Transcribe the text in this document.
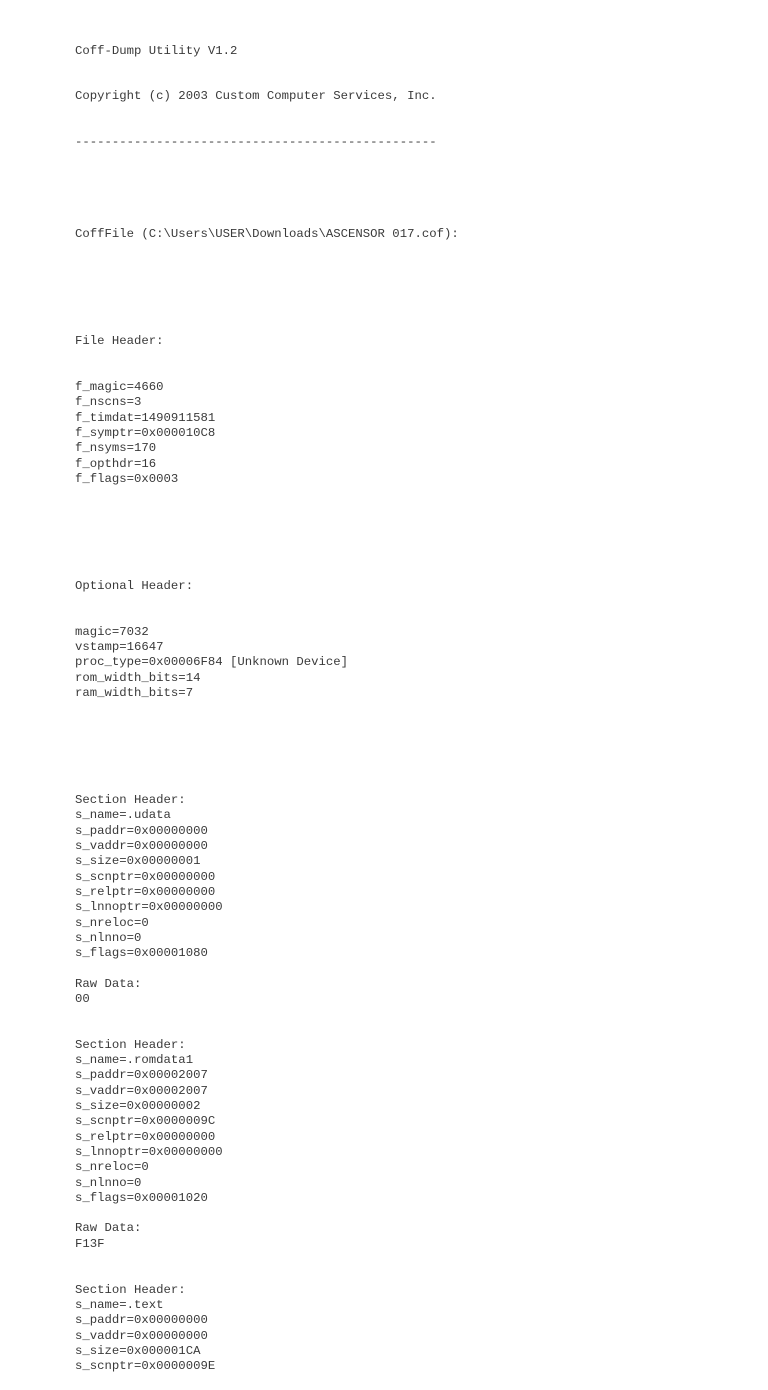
Coff-Dump Utility V1.2

Copyright (c) 2003 Custom Computer Services, Inc.

-------------------------------------------------

CoffFile (C:\Users\USER\Downloads\ASCENSOR 017.cof):

File Header:

f_magic=4660
f_nscns=3
f_timdat=1490911581
f_symptr=0x000010C8
f_nsyms=170
f_opthdr=16
f_flags=0x0003

Optional Header:

magic=7032
vstamp=16647
proc_type=0x00006F84 [Unknown Device]
rom_width_bits=14
ram_width_bits=7

Section Header:
s_name=.udata
s_paddr=0x00000000
s_vaddr=0x00000000
s_size=0x00000001
s_scnptr=0x00000000
s_relptr=0x00000000
s_lnnoptr=0x00000000
s_nreloc=0
s_nlnno=0
s_flags=0x00001080
Raw Data:
00
Section Header:
s_name=.romdata1
s_paddr=0x00002007
s_vaddr=0x00002007
s_size=0x00000002
s_scnptr=0x0000009C
s_relptr=0x00000000
s_lnnoptr=0x00000000
s_nreloc=0
s_nlnno=0
s_flags=0x00001020
Raw Data:
F13F
Section Header:
s_name=.text
s_paddr=0x00000000
s_vaddr=0x00000000
s_size=0x000001CA
s_scnptr=0x0000009E
